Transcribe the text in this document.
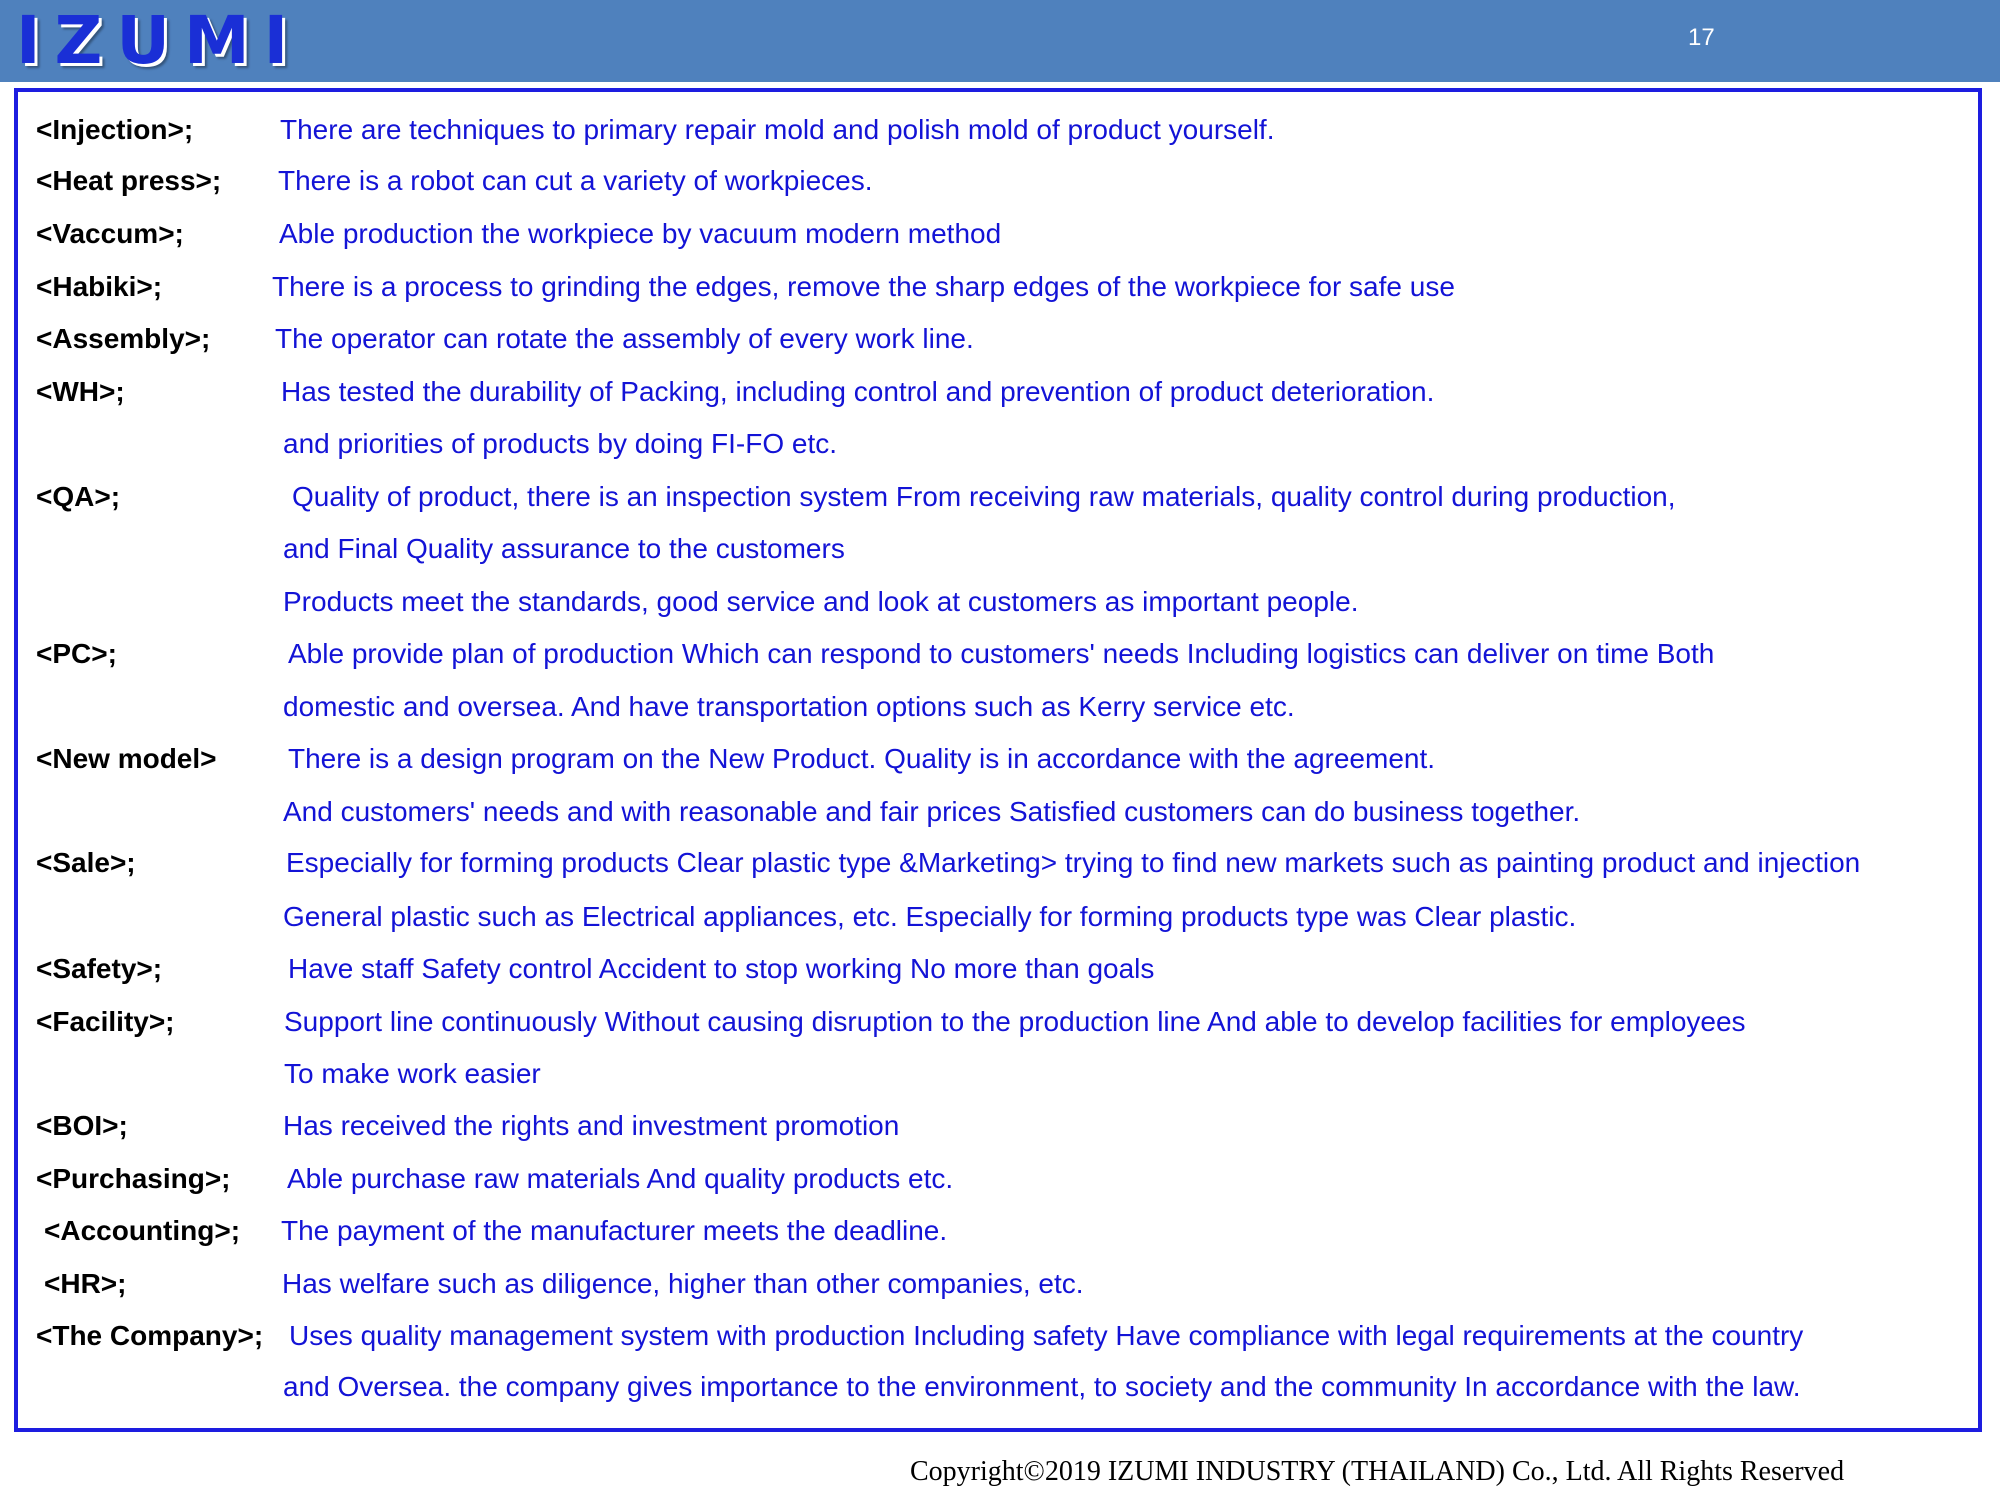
IZUMI	17
<Injection>;	There are techniques to primary repair mold and polish mold of product yourself.
<Heat press>; There is a robot can cut a variety of workpieces.
<Vaccum>;	Able production the workpiece by vacuum modern method
<Habiki>;	There is a process to grinding the edges, remove the sharp edges of the workpiece for safe use
<Assembly>; The operator can rotate the assembly of every work line.
<WH>;	Has tested the durability of Packing, including control and prevention of product deterioration.
and priorities of products by doing FI-FO etc.
<QA>;	Quality of product, there is an inspection system From receiving raw materials, quality control during production,
and Final Quality assurance to the customers
Products meet the standards, good service and look at customers as important people.
<PC>;	Able provide plan of production Which can respond to customers' needs Including logistics can deliver on time Both
domestic and oversea. And have transportation options such as Kerry service etc.
<New model>	There is a design program on the New Product. Quality is in accordance with the agreement.
And customers' needs and with reasonable and fair prices Satisfied customers can do business together.
<Sale>;	Especially for forming products Clear plastic type &Marketing> trying to find new markets such as painting product and injection
General plastic such as Electrical appliances, etc. Especially for forming products type was Clear plastic.
<Safety>;	Have staff Safety control Accident to stop working No more than goals
<Facility>;	Support line continuously Without causing disruption to the production line And able to develop facilities for employees
To make work easier
<BOI>;	Has received the rights and investment promotion
<Purchasing>; Able purchase raw materials And quality products etc.
<Accounting>; The payment of the manufacturer meets the deadline.
<HR>;	Has welfare such as diligence, higher than other companies, etc.
<The Company>; Uses quality management system with production Including safety Have compliance with legal requirements at the country
and Oversea. the company gives importance to the environment, to society and the community In accordance with the law.
Copyright©2019 IZUMI INDUSTRY (THAILAND) Co., Ltd. All Rights Reserved
